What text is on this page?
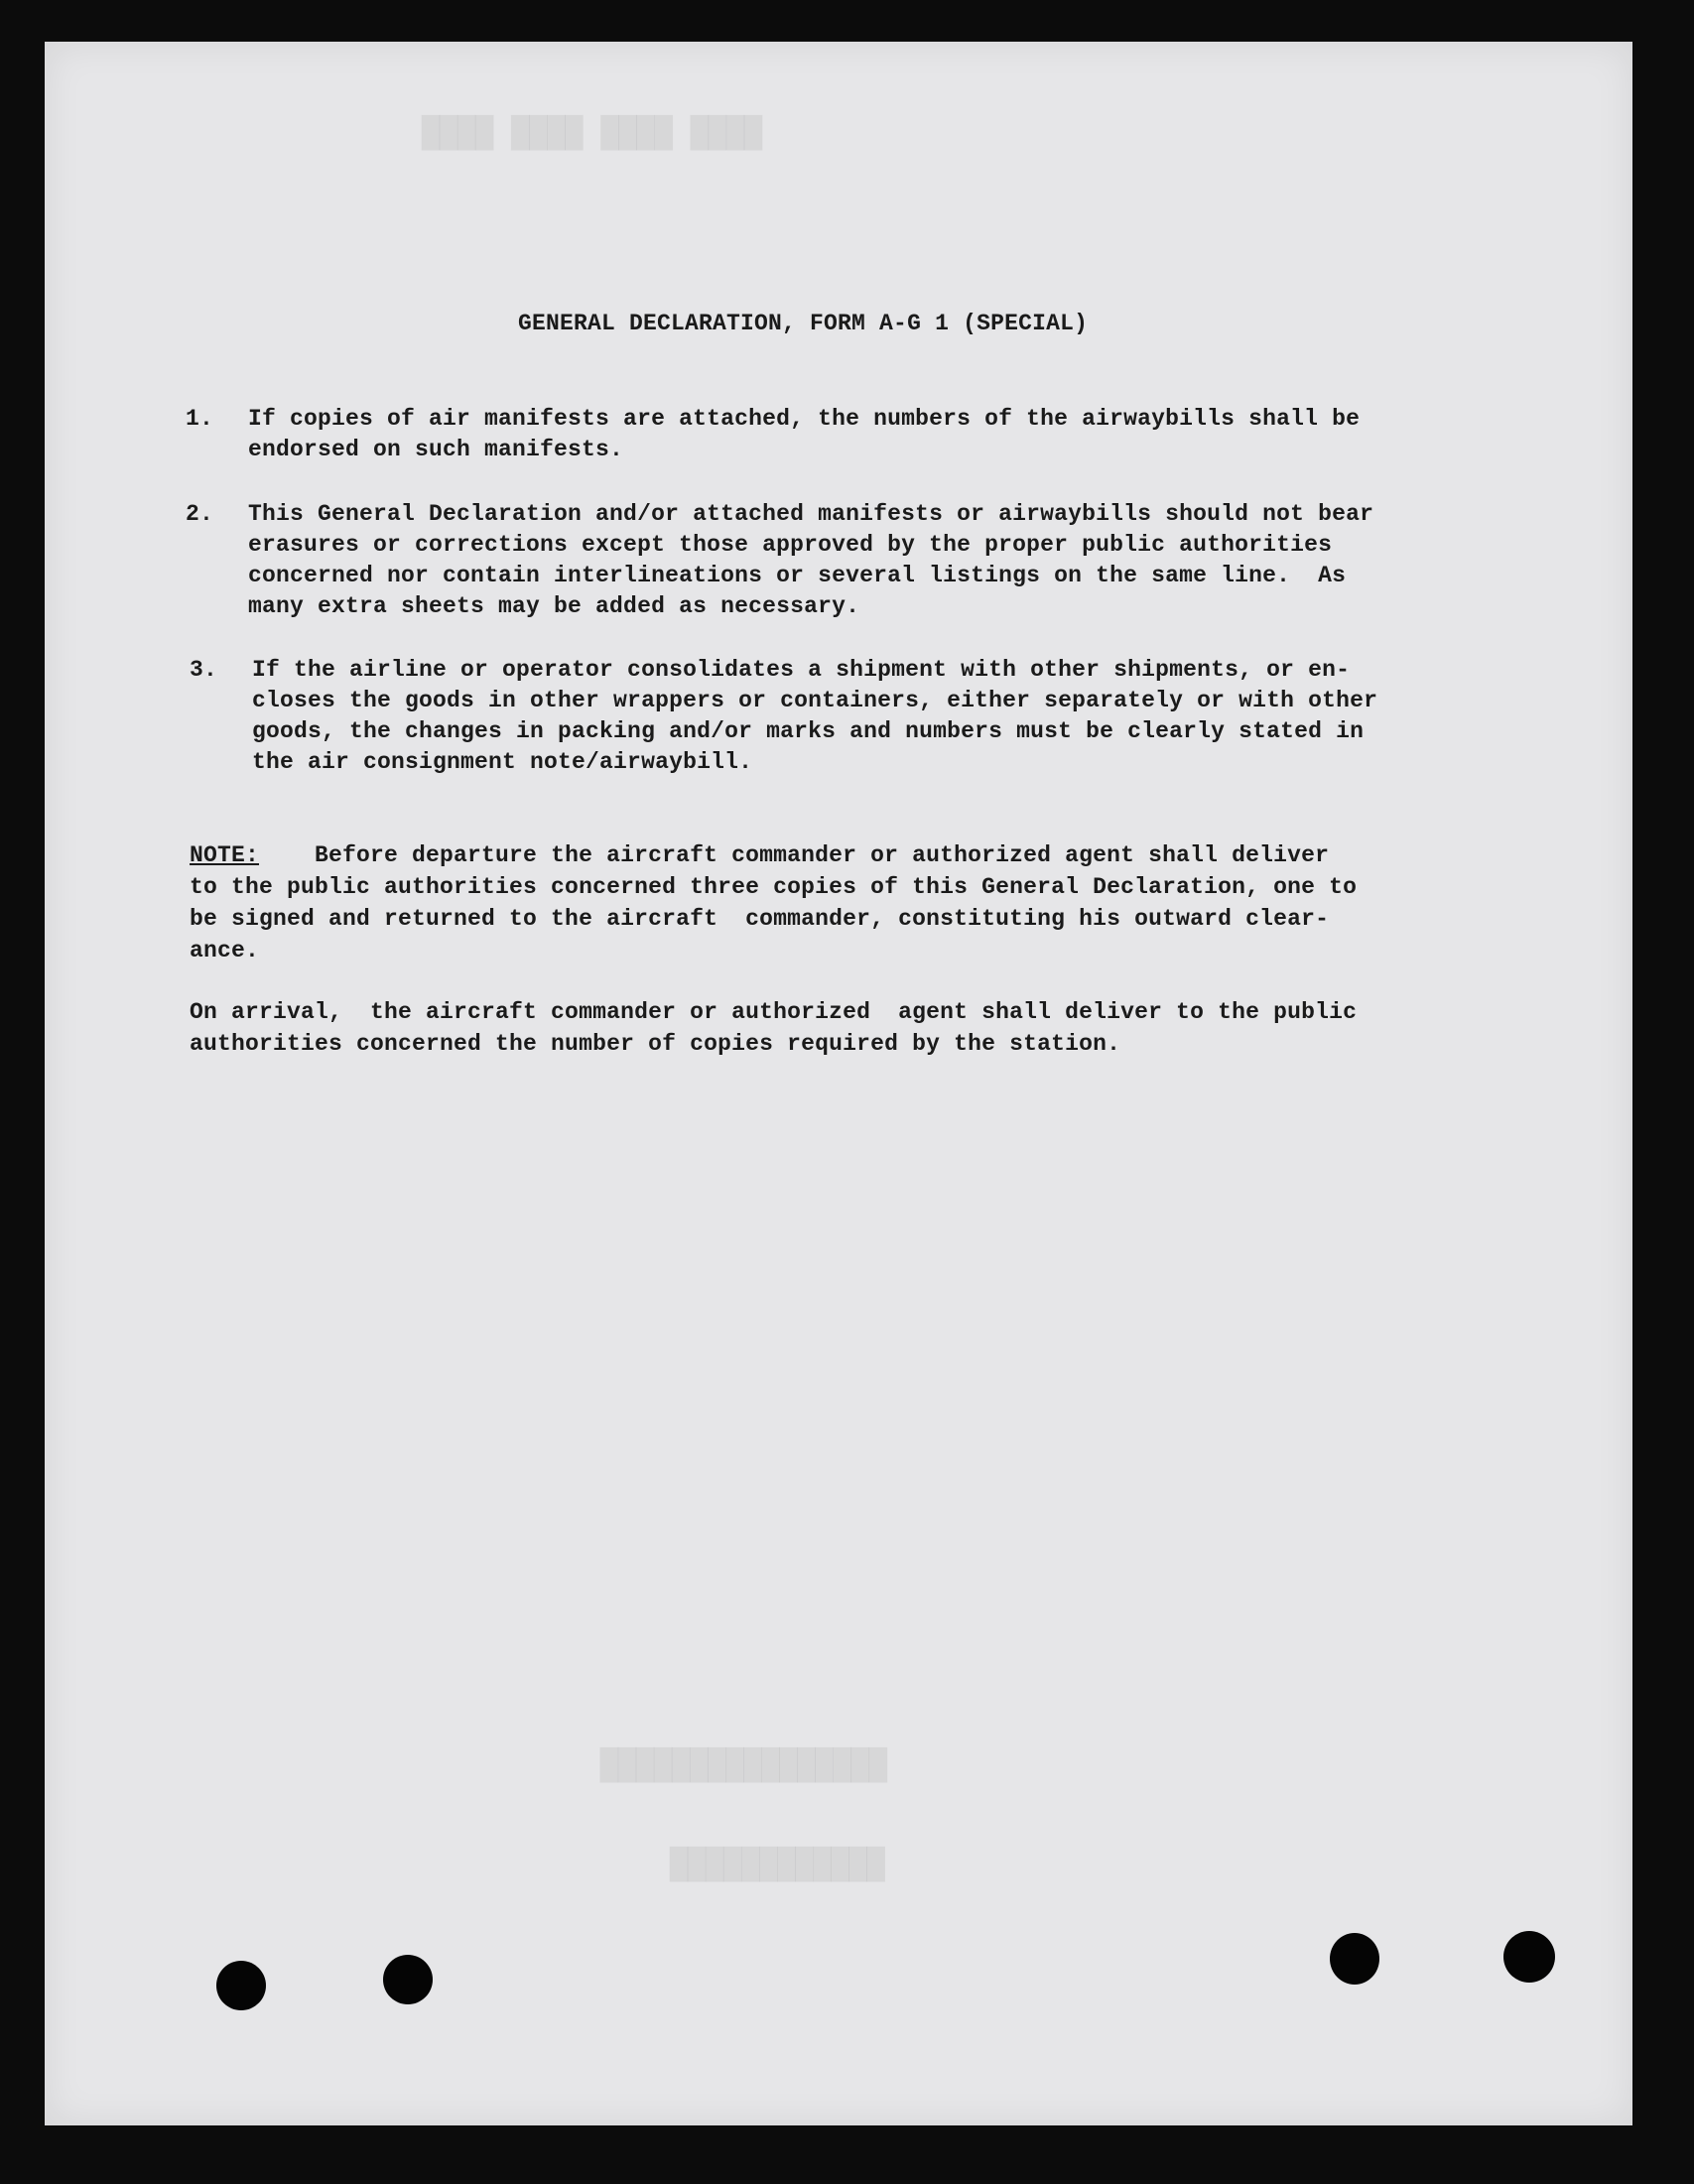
████ ████ ████ ████
████████████████
████████████
GENERAL DECLARATION, FORM A-G 1 (SPECIAL)
1. If copies of air manifests are attached, the numbers of the airwaybills shall be
endorsed on such manifests.
2. This General Declaration and/or attached manifests or airwaybills should not bear
erasures or corrections except those approved by the proper public authorities
concerned nor contain interlineations or several listings on the same line.  As
many extra sheets may be added as necessary.
3. If the airline or operator consolidates a shipment with other shipments, or en-
closes the goods in other wrappers or containers, either separately or with other
goods, the changes in packing and/or marks and numbers must be clearly stated in
the air consignment note/airwaybill.
NOTE:    Before departure the aircraft commander or authorized agent shall deliver
to the public authorities concerned three copies of this General Declaration, one to
be signed and returned to the aircraft  commander, constituting his outward clear-
ance.
On arrival,  the aircraft commander or authorized  agent shall deliver to the public
authorities concerned the number of copies required by the station.
